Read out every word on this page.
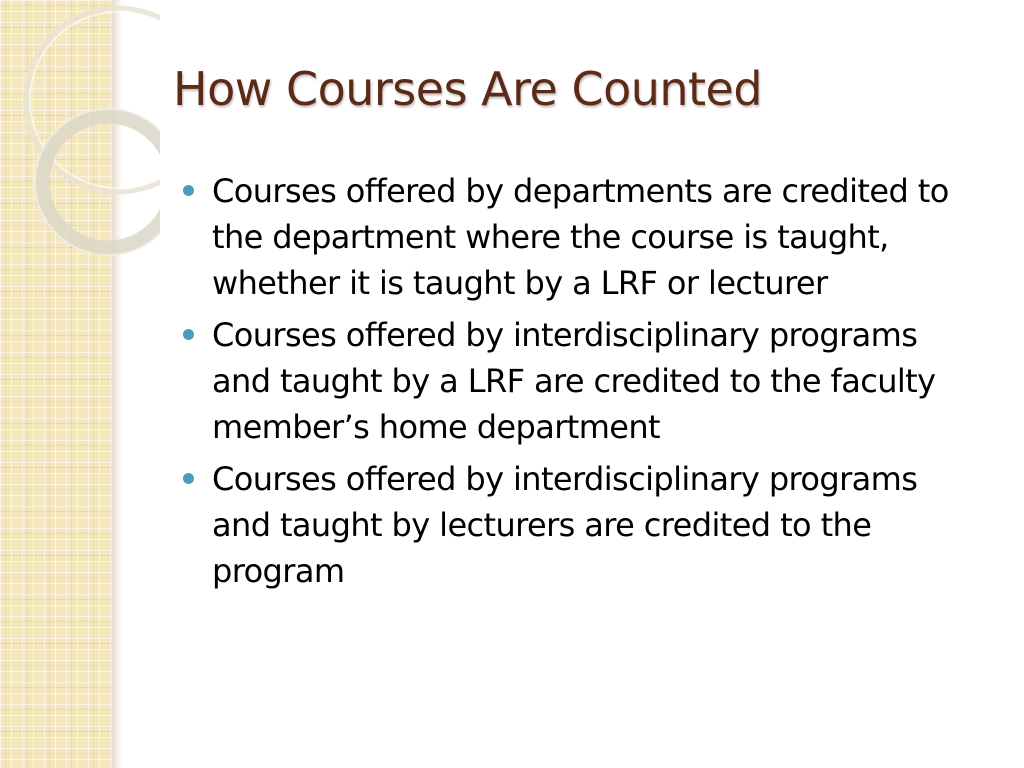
How Courses Are Counted
Courses offered by departments are credited to the department where the course is taught, whether it is taught by a LRF or lecturer
Courses offered by interdisciplinary programs and taught by a LRF are credited to the faculty member’s home department
Courses offered by interdisciplinary programs and taught by lecturers are credited to the program
